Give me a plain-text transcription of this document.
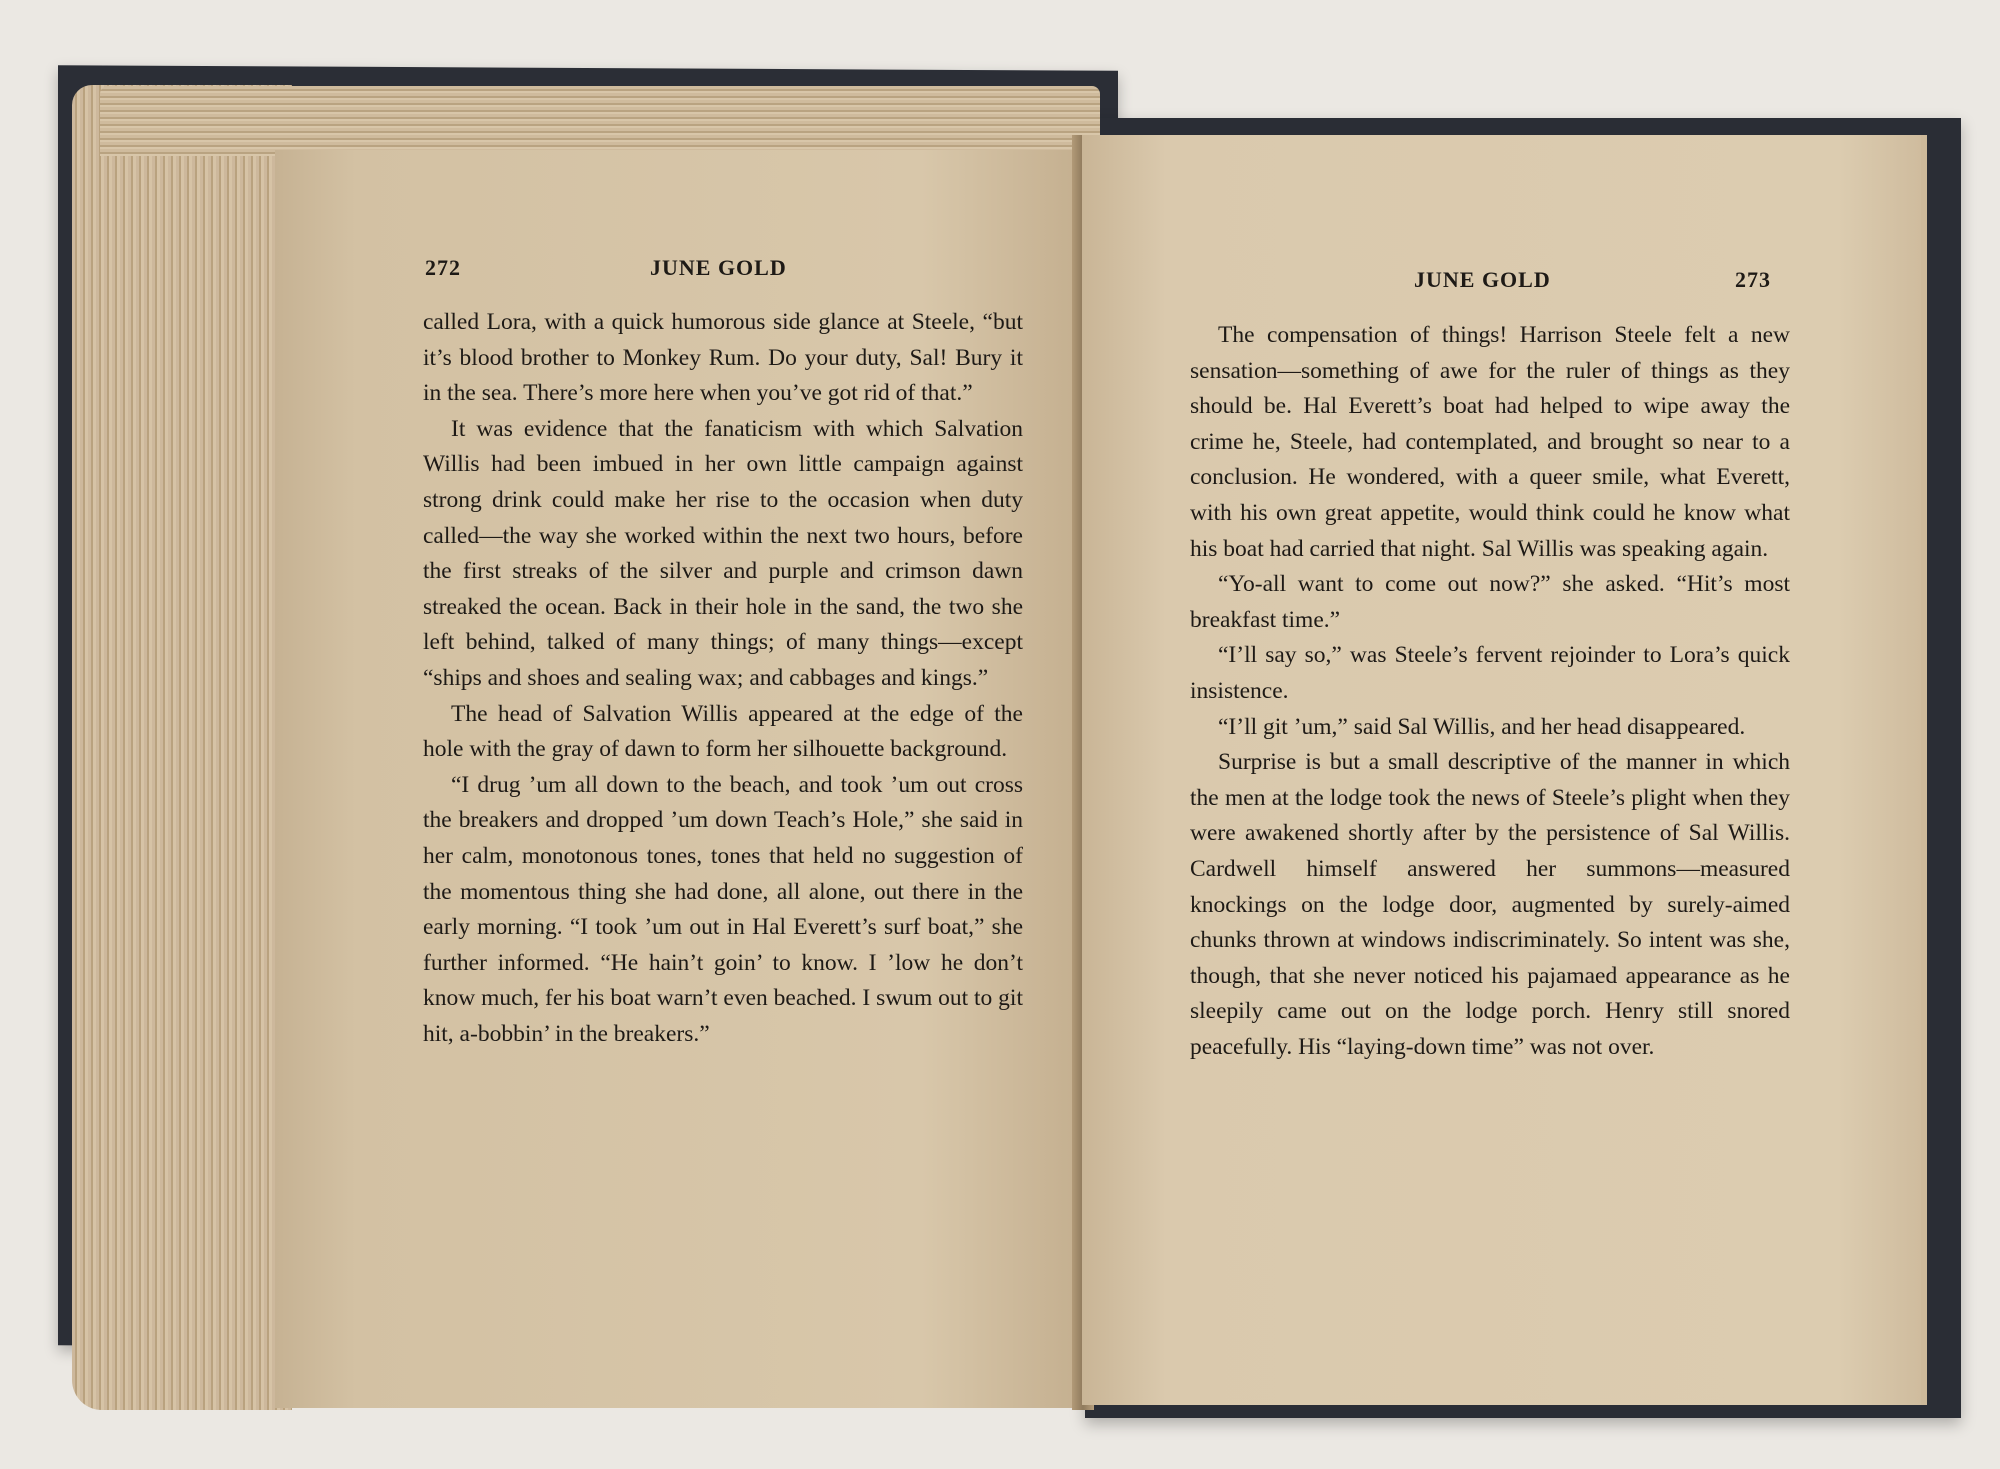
272	JUNE GOLD

called Lora, with a quick humorous side glance at Steele, “but it’s blood brother to Monkey Rum. Do your duty, Sal! Bury it in the sea. There’s more here when you’ve got rid of that.”

It was evidence that the fanaticism with which Salvation Willis had been imbued in her own little campaign against strong drink could make her rise to the occasion when duty called—the way she worked within the next two hours, before the first streaks of the silver and purple and crimson dawn streaked the ocean. Back in their hole in the sand, the two she left behind, talked of many things; of many things—except “ships and shoes and sealing wax; and cabbages and kings.”

The head of Salvation Willis appeared at the edge of the hole with the gray of dawn to form her silhouette background.

“I drug ’um all down to the beach, and took ’um out cross the breakers and dropped ’um down Teach’s Hole,” she said in her calm, monotonous tones, tones that held no suggestion of the momentous thing she had done, all alone, out there in the early morning. “I took ’um out in Hal Everett’s surf boat,” she further informed. “He hain’t goin’ to know. I ’low he don’t know much, fer his boat warn’t even beached. I swum out to git hit, a-bobbin’ in the breakers.”

JUNE GOLD	273

The compensation of things! Harrison Steele felt a new sensation—something of awe for the ruler of things as they should be. Hal Everett’s boat had helped to wipe away the crime he, Steele, had contemplated, and brought so near to a conclusion. He wondered, with a queer smile, what Everett, with his own great appetite, would think could he know what his boat had carried that night. Sal Willis was speaking again.

“Yo-all want to come out now?” she asked. “Hit’s most breakfast time.”

“I’ll say so,” was Steele’s fervent rejoinder to Lora’s quick insistence.

“I’ll git ’um,” said Sal Willis, and her head disappeared.

Surprise is but a small descriptive of the manner in which the men at the lodge took the news of Steele’s plight when they were awakened shortly after by the persistence of Sal Willis. Cardwell himself answered her summons—measured knockings on the lodge door, augmented by surely-aimed chunks thrown at windows indiscriminately. So intent was she, though, that she never noticed his pajamaed appearance as he sleepily came out on the lodge porch. Henry still snored peacefully. His “laying-down time” was not over.
